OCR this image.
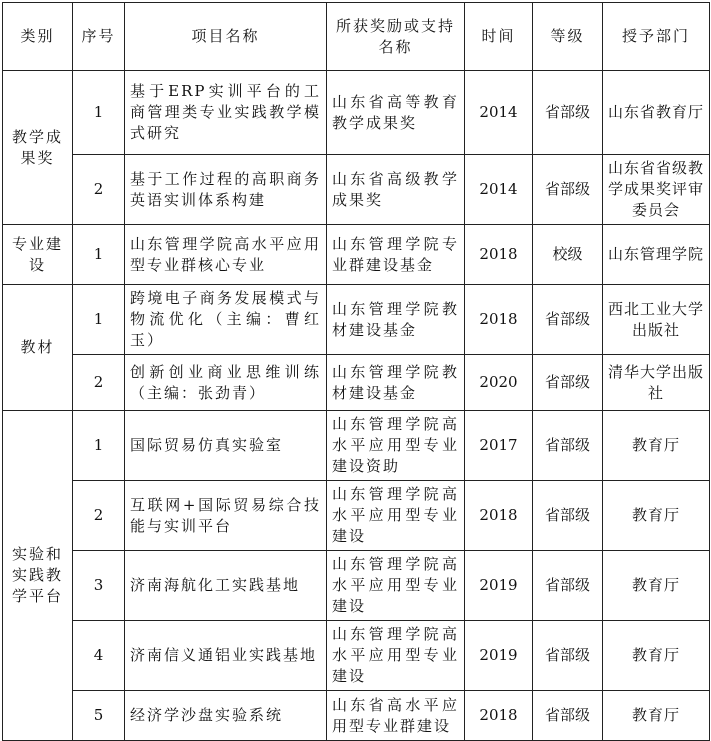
类别	序号	项目名称	所获奖励或支持名称	时间	等级	授予部门
教学成果奖	1	基于ERP实训平台的工商管理类专业实践教学模式研究	山东省高等教育教学成果奖	2014	省部级	山东省教育厅
	2	基于工作过程的高职商务英语实训体系构建	山东省高级教学成果奖	2014	省部级	山东省省级教学成果奖评审委员会
专业建设	1	山东管理学院高水平应用型专业群核心专业	山东管理学院专业群建设基金	2018	校级	山东管理学院
教材	1	跨境电子商务发展模式与物流优化（主编：曹红玉）	山东管理学院教材建设基金	2018	省部级	西北工业大学出版社
	2	创新创业商业思维训练（主编：张劲青）	山东管理学院教材建设基金	2020	省部级	清华大学出版社
实验和实践教学平台	1	国际贸易仿真实验室	山东管理学院高水平应用型专业建设资助	2017	省部级	教育厅
	2	互联网+国际贸易综合技能与实训平台	山东管理学院高水平应用型专业建设	2018	省部级	教育厅
	3	济南海航化工实践基地	山东管理学院高水平应用型专业建设	2019	省部级	教育厅
	4	济南信义通铝业实践基地	山东管理学院高水平应用型专业建设	2019	省部级	教育厅
	5	经济学沙盘实验系统	山东省高水平应用型专业群建设	2018	省部级	教育厅
